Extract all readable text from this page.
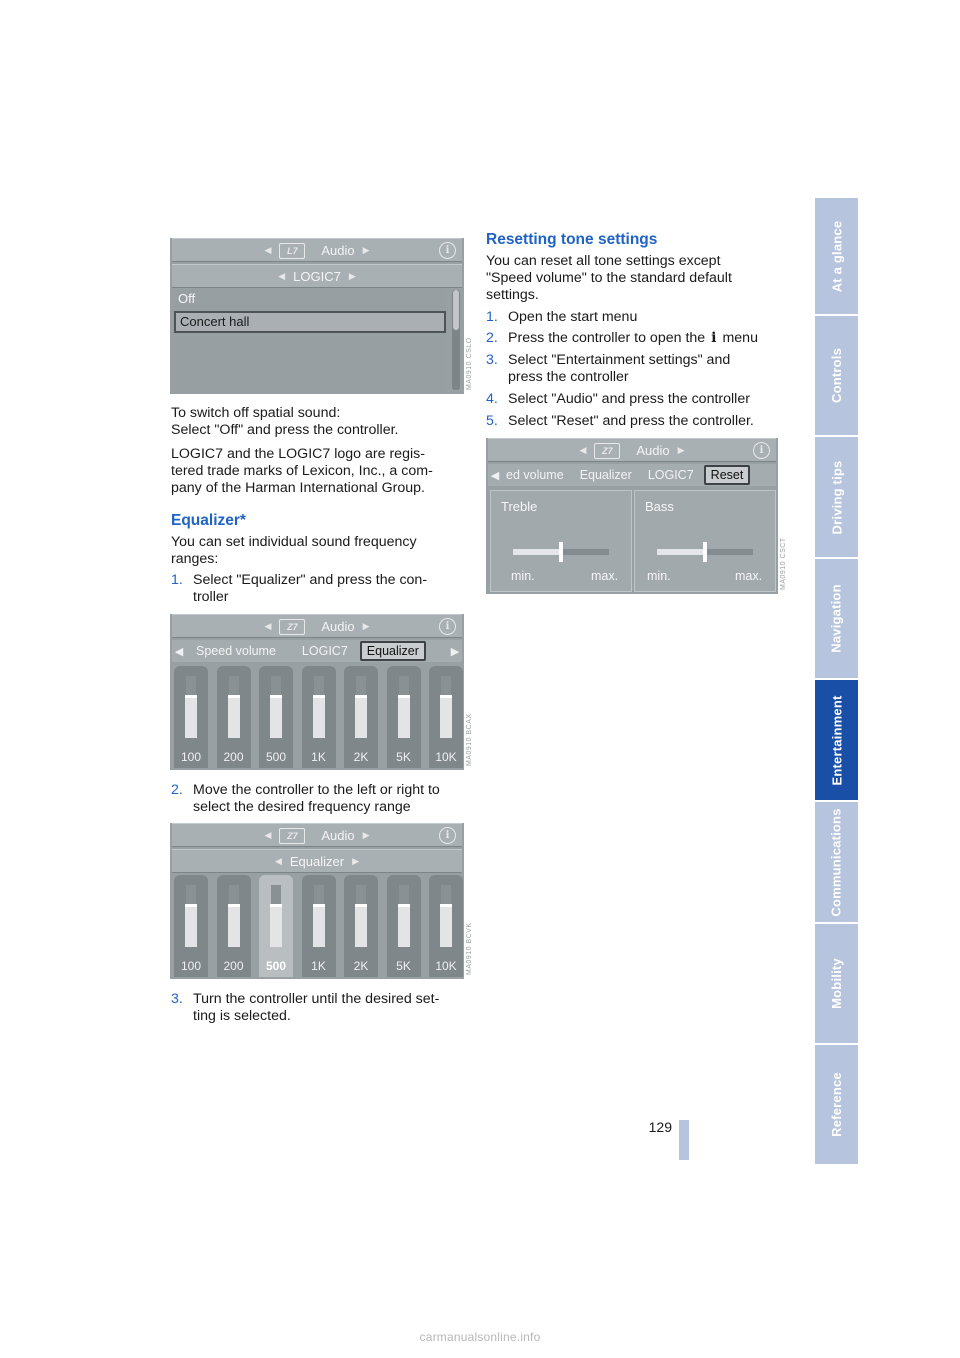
At a glance
Controls
Driving tips
Navigation
Entertainment
Communications
Mobility
Reference
129
◀	L7	Audio ▶	i
◀ LOGIC7 ▶
Off
Concert hall
MA0910 CSLO
To switch off spatial sound:
Select "Off" and press the controller.
LOGIC7 and the LOGIC7 logo are regis-
tered trade marks of Lexicon, Inc., a com-
pany of the Harman International Group.
Equalizer*
You can set individual sound frequency
ranges:
1. Select "Equalizer" and press the con-
troller
◀	Z7	Audio ▶	i
Speed volume	LOGIC7	Equalizer
◀	▶
100	200	500	1K	2K	5K	10K	MA0910 BCAX
2. Move the controller to the left or right to
select the desired frequency range
◀	Z7	Audio ▶	i
◀ Equalizer ▶
100	200	500	1K	2K	5K	10K	MA0910 BCVK
3. Turn the controller until the desired set-
ting is selected.
Resetting tone settings
You can reset all tone settings except
"Speed volume" to the standard default
settings.
1. Open the start menu
2. Press the controller to open the i menu
3. Select "Entertainment settings" and
press the controller
4. Select "Audio" and press the controller
5. Select "Reset" and press the controller.
◀	Z7	Audio ▶	i
ed volume	Equalizer	LOGIC7	Reset
◀
Treble
min.	max.
Bass
min.	max.	MA0910 CSCT
carmanualsonline.info
